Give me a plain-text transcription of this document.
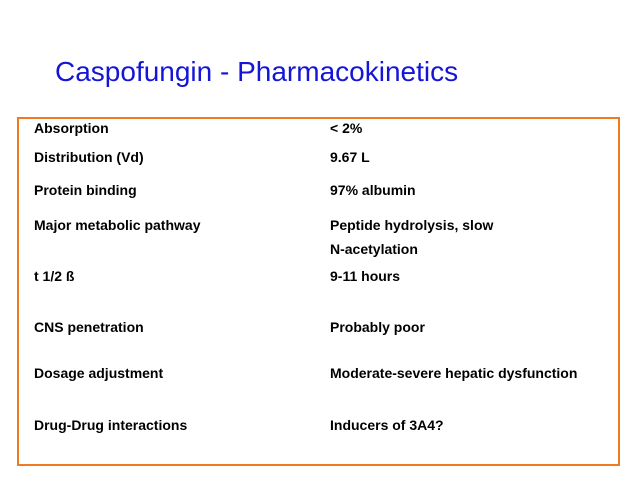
Caspofungin - Pharmacokinetics
Absorption	< 2%
Distribution (Vd)	9.67 L
Protein binding	97% albumin
Major metabolic pathway	Peptide hydrolysis, slow
N-acetylation
t 1/2 ß	9-11 hours
CNS penetration	Probably poor
Dosage adjustment	Moderate-severe hepatic dysfunction
Drug-Drug interactions	Inducers of 3A4?
